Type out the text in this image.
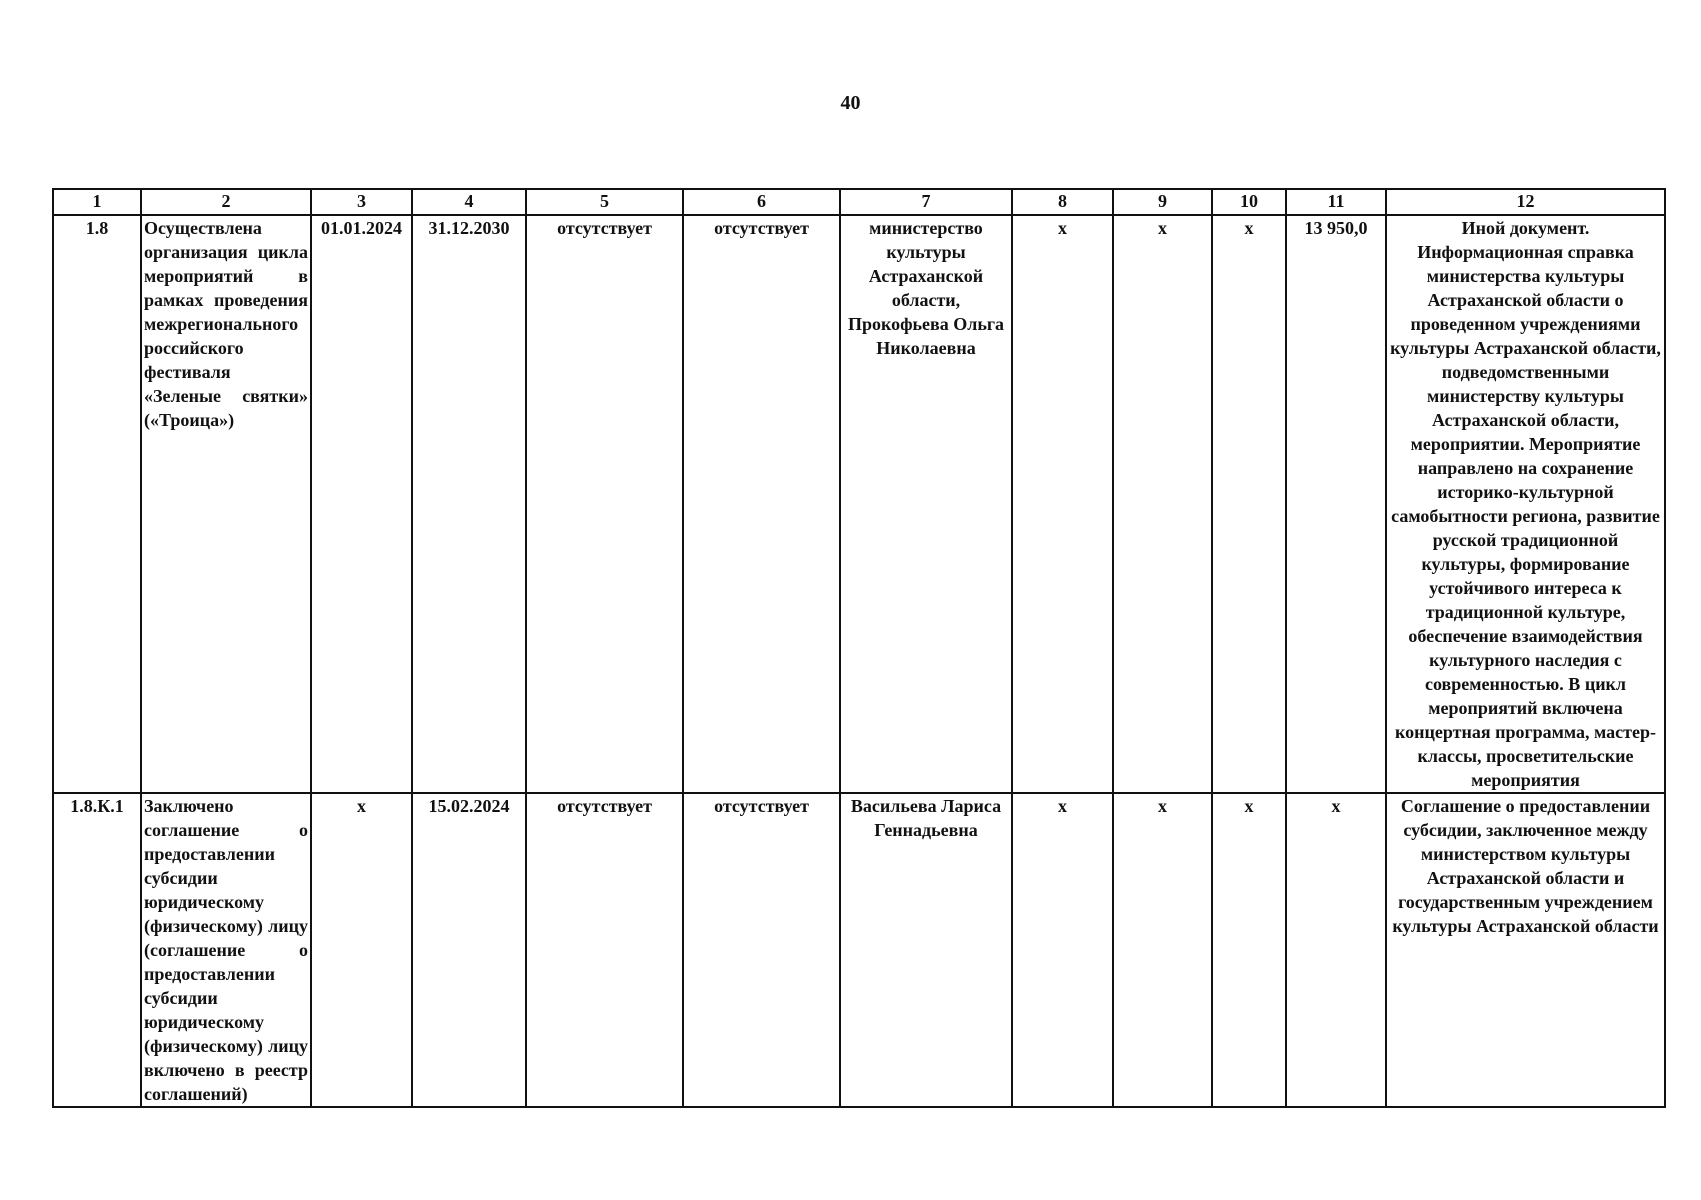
40
1	2	3	4	5	6	7	8	9	10	11	12
1.8	Осуществлена организация цикла мероприятий в рамках проведения межрегионального российского фестиваля «Зеленые святки» («Троица»)	01.01.2024	31.12.2030	отсутствует	отсутствует	министерство культуры Астраханской области, Прокофьева Ольга Николаевна	х	х	х	13 950,0	Иной документ. Информационная справка министерства культуры Астраханской области о проведенном учреждениями культуры Астраханской области, подведомственными министерству культуры Астраханской области, мероприятии. Мероприятие направлено на сохранение историко-культурной самобытности региона, развитие русской традиционной культуры, формирование устойчивого интереса к традиционной культуре, обеспечение взаимодействия культурного наследия с современностью. В цикл мероприятий включена концертная программа, мастер-классы, просветительские мероприятия
1.8.К.1	Заключено соглашение о предоставлении субсидии юридическому (физическому) лицу (соглашение о предоставлении субсидии юридическому (физическому) лицу включено в реестр соглашений)	х	15.02.2024	отсутствует	отсутствует	Васильева Лариса Геннадьевна	х	х	х	х	Соглашение о предоставлении субсидии, заключенное между министерством культуры Астраханской области и государственным учреждением культуры Астраханской области
